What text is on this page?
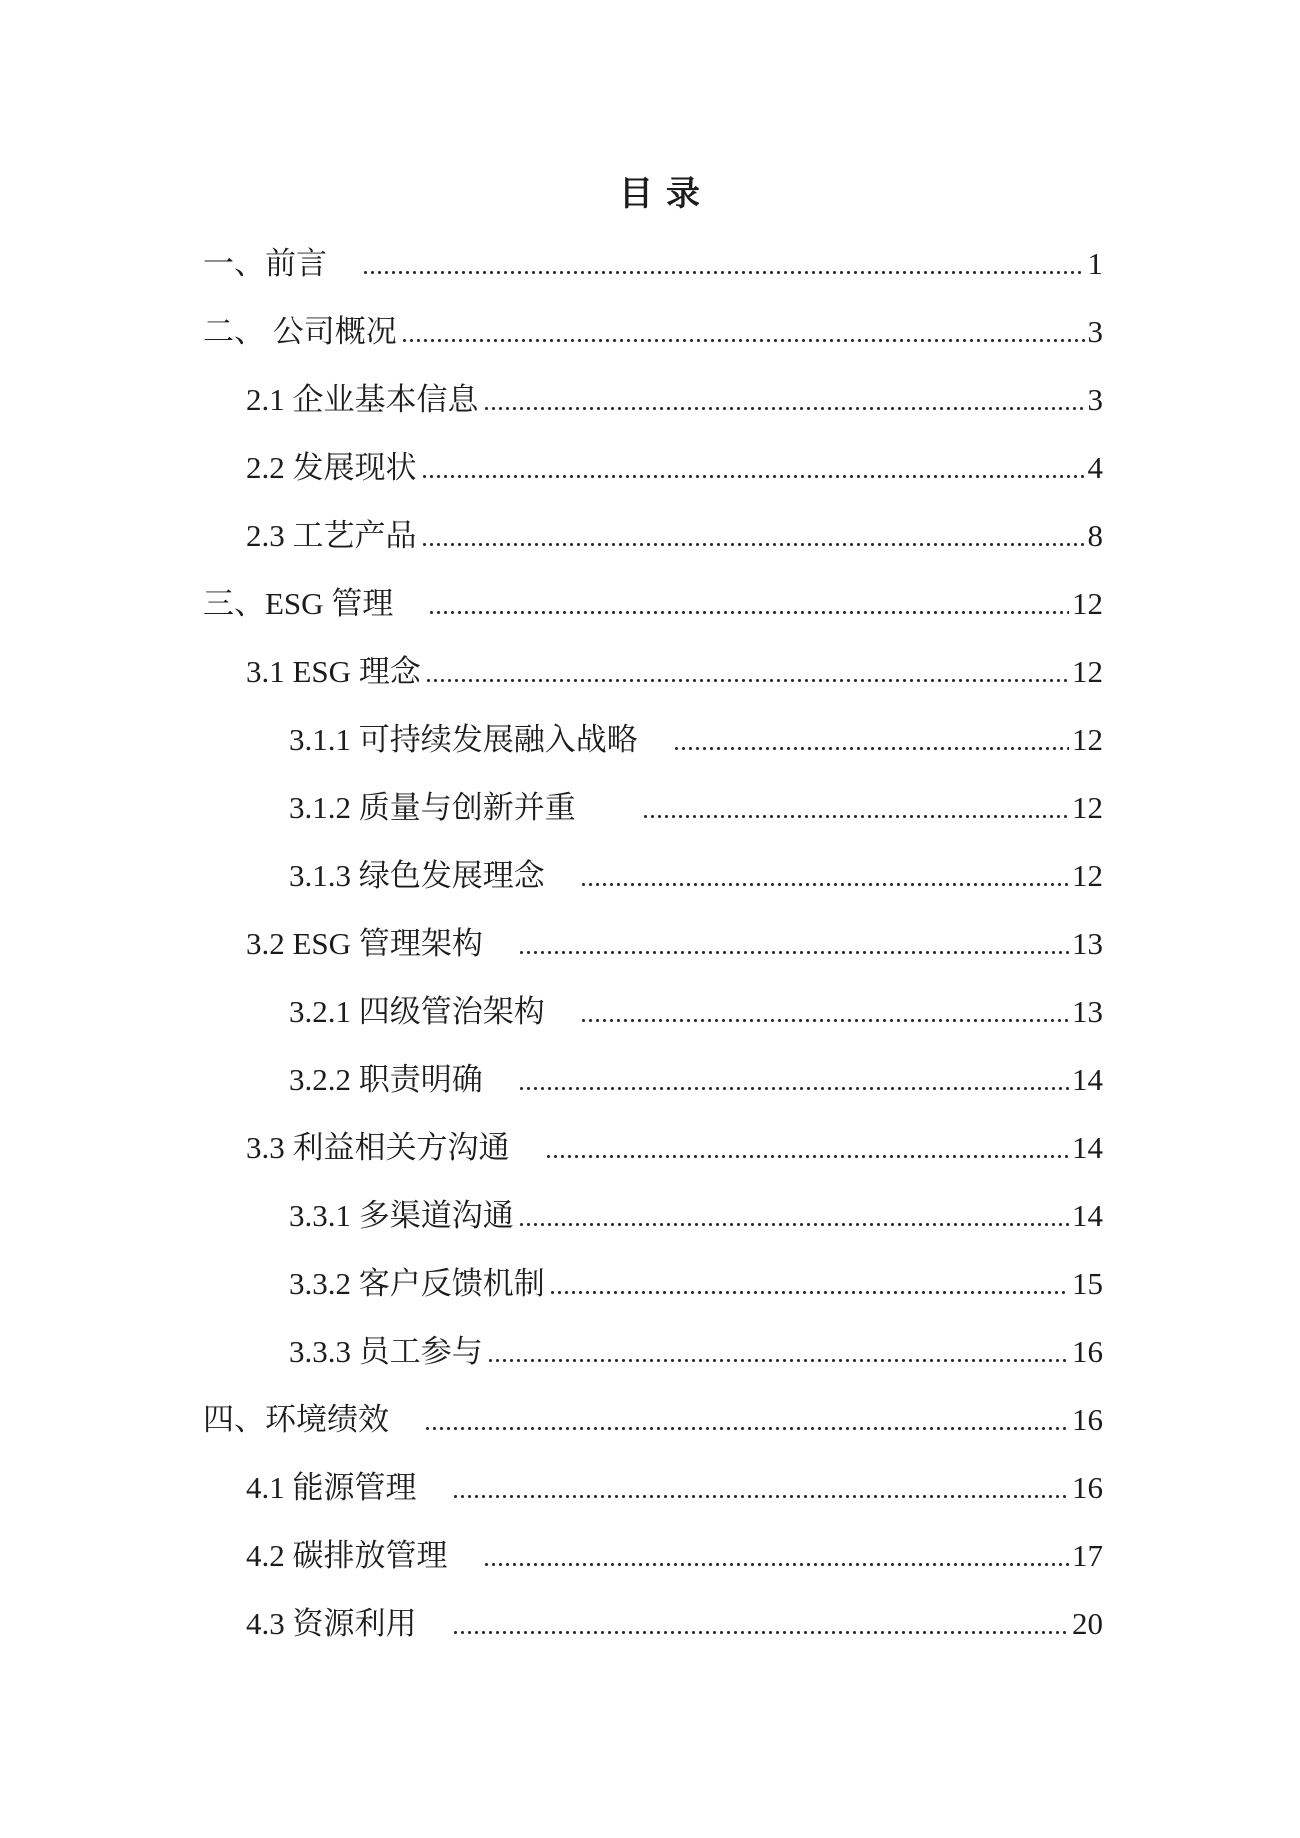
目录
一、前言　	1
二、 公司概况	3
2.1 企业基本信息	3
2.2 发展现状	4
2.3 工艺产品	8
三、ESG 管理　	12
3.1 ESG 理念	12
3.1.1 可持续发展融入战略　	12
3.1.2 质量与创新并重　　	12
3.1.3 绿色发展理念　	12
3.2 ESG 管理架构　	13
3.2.1 四级管治架构　	13
3.2.2 职责明确　	14
3.3 利益相关方沟通　	14
3.3.1 多渠道沟通	14
3.3.2 客户反馈机制	15
3.3.3 员工参与	16
四、环境绩效　	16
4.1 能源管理　	16
4.2 碳排放管理　	17
4.3 资源利用　	20
